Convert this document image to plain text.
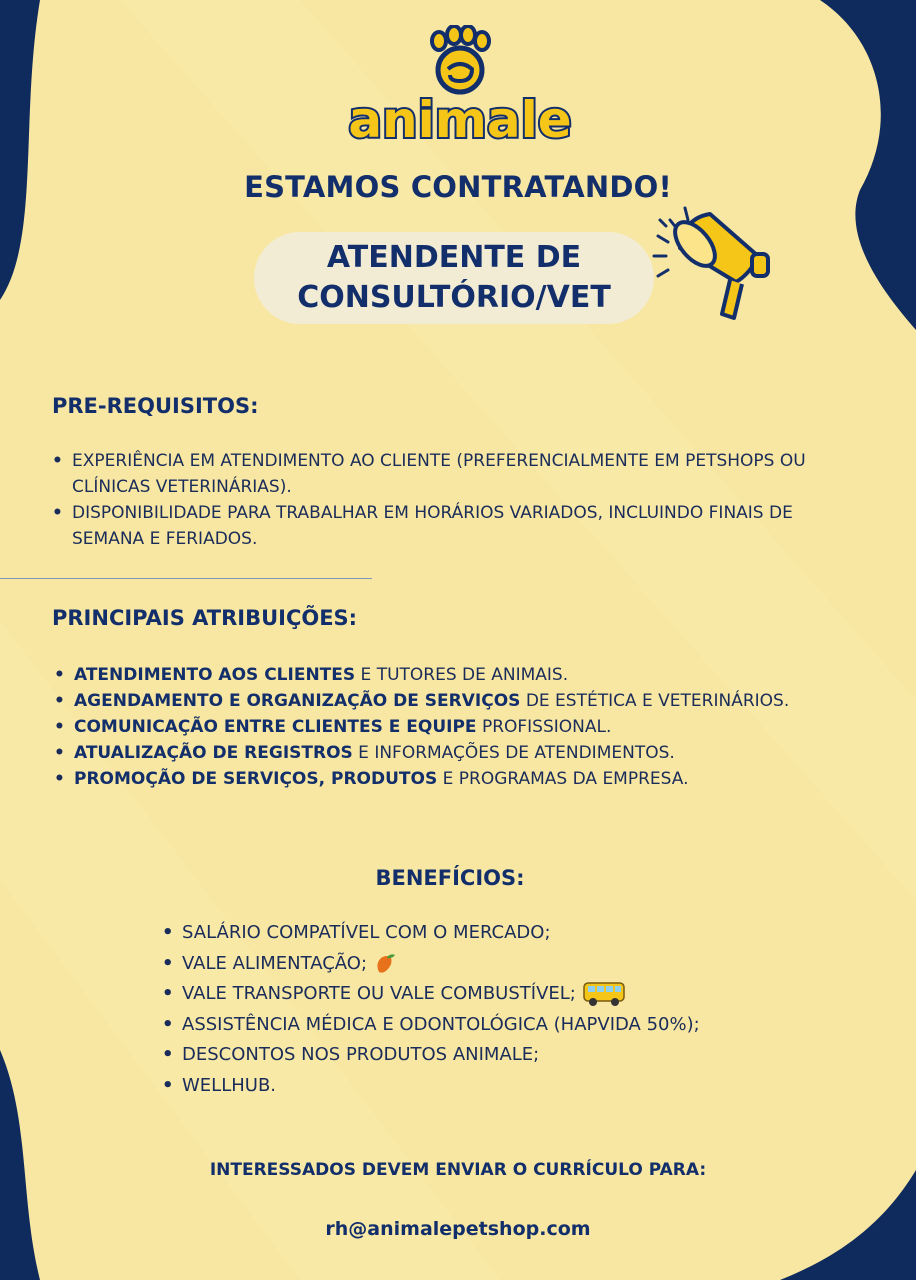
animale
ESTAMOS CONTRATANDO!
ATENDENTE DE
CONSULTÓRIO/VET
PRE-REQUISITOS:
• EXPERIÊNCIA EM ATENDIMENTO AO CLIENTE (PREFERENCIALMENTE EM PETSHOPS OU
CLÍNICAS VETERINÁRIAS).
• DISPONIBILIDADE PARA TRABALHAR EM HORÁRIOS VARIADOS, INCLUINDO FINAIS DE
SEMANA E FERIADOS.
PRINCIPAIS ATRIBUIÇÕES:
• ATENDIMENTO AOS CLIENTES E TUTORES DE ANIMAIS.
• AGENDAMENTO E ORGANIZAÇÃO DE SERVIÇOS DE ESTÉTICA E VETERINÁRIOS.
• COMUNICAÇÃO ENTRE CLIENTES E EQUIPE PROFISSIONAL.
• ATUALIZAÇÃO DE REGISTROS E INFORMAÇÕES DE ATENDIMENTOS.
• PROMOÇÃO DE SERVIÇOS, PRODUTOS E PROGRAMAS DA EMPRESA.
BENEFÍCIOS:
• SALÁRIO COMPATÍVEL COM O MERCADO;
• VALE ALIMENTAÇÃO;
• VALE TRANSPORTE OU VALE COMBUSTÍVEL;
• ASSISTÊNCIA MÉDICA E ODONTOLÓGICA (HAPVIDA 50%);
• DESCONTOS NOS PRODUTOS ANIMALE;
• WELLHUB.
INTERESSADOS DEVEM ENVIAR O CURRÍCULO PARA:
rh@animalepetshop.com
